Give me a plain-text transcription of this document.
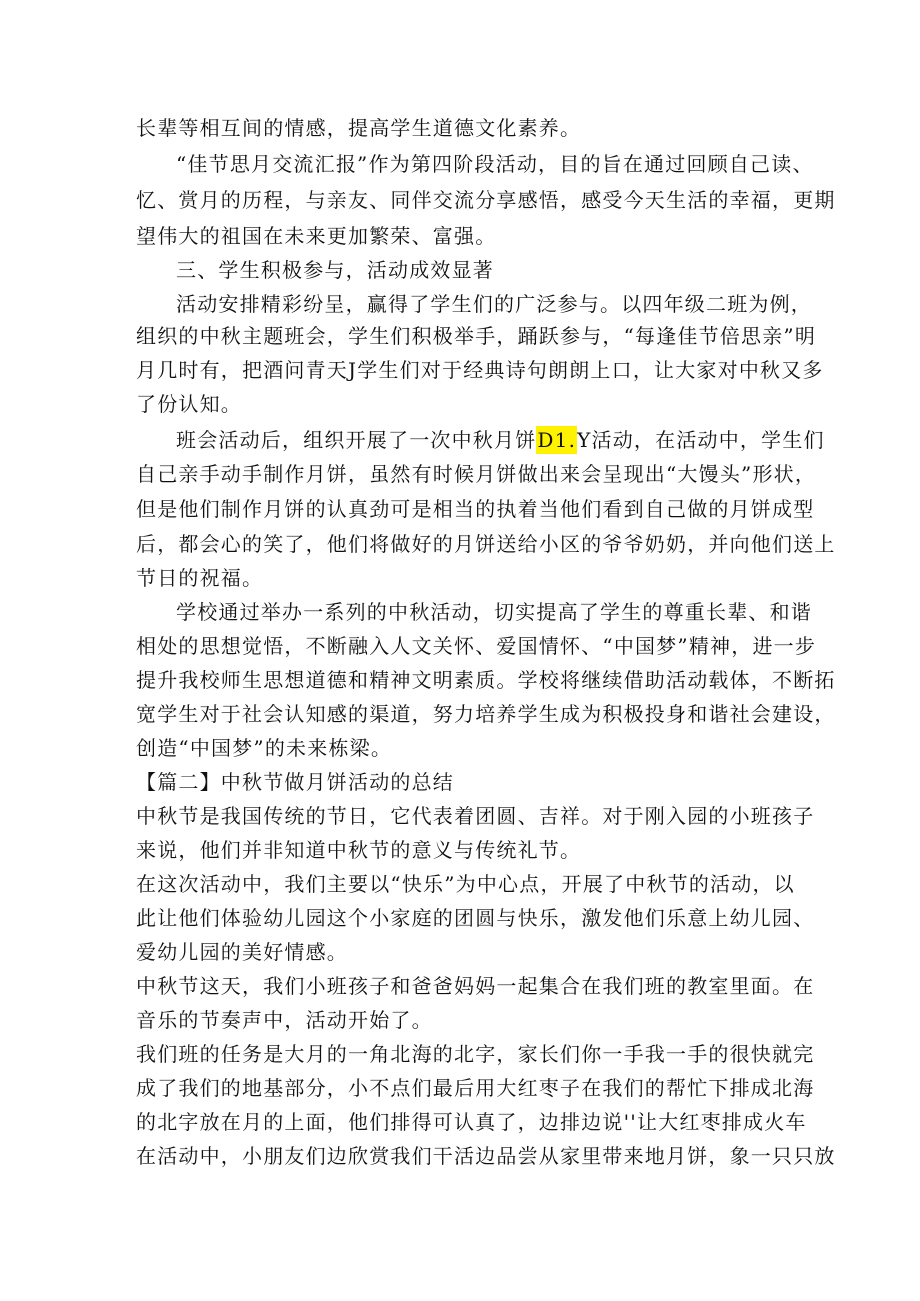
长辈等相互间的情感，提高学生道德文化素养。
“佳节思月交流汇报”作为第四阶段活动，目的旨在通过回顾自己读、
忆、赏月的历程，与亲友、同伴交流分享感悟，感受今天生活的幸福，更期
望伟大的祖国在未来更加繁荣、富强。
三、学生积极参与，活动成效显著
活动安排精彩纷呈，赢得了学生们的广泛参与。以四年级二班为例，
组织的中秋主题班会，学生们积极举手，踊跃参与，“每逢佳节倍思亲”明
月几时有，把酒问青天J学生们对于经典诗句朗朗上口，让大家对中秋又多
了份认知。
班会活动后，组织开展了一次中秋月饼D1.Y活动，在活动中，学生们
自己亲手动手制作月饼，虽然有时候月饼做出来会呈现出“大馒头”形状，
但是他们制作月饼的认真劲可是相当的执着当他们看到自己做的月饼成型
后，都会心的笑了，他们将做好的月饼送给小区的爷爷奶奶，并向他们送上
节日的祝福。
学校通过举办一系列的中秋活动，切实提高了学生的尊重长辈、和谐
相处的思想觉悟，不断融入人文关怀、爱国情怀、“中国梦”精神，进一步
提升我校师生思想道德和精神文明素质。学校将继续借助活动载体，不断拓
宽学生对于社会认知感的渠道，努力培养学生成为积极投身和谐社会建设，
创造“中国梦”的未来栋梁。
【篇二】中秋节做月饼活动的总结
中秋节是我国传统的节日，它代表着团圆、吉祥。对于刚入园的小班孩子
来说，他们并非知道中秋节的意义与传统礼节。
在这次活动中，我们主要以“快乐”为中心点，开展了中秋节的活动，以
此让他们体验幼儿园这个小家庭的团圆与快乐，激发他们乐意上幼儿园、
爱幼儿园的美好情感。
中秋节这天，我们小班孩子和爸爸妈妈一起集合在我们班的教室里面。在
音乐的节奏声中，活动开始了。
我们班的任务是大月的一角北海的北字，家长们你一手我一手的很快就完
成了我们的地基部分，小不点们最后用大红枣子在我们的帮忙下排成北海
的北字放在月的上面，他们排得可认真了，边排边说''让大红枣排成火车
在活动中，小朋友们边欣赏我们干活边品尝从家里带来地月饼，象一只只放
